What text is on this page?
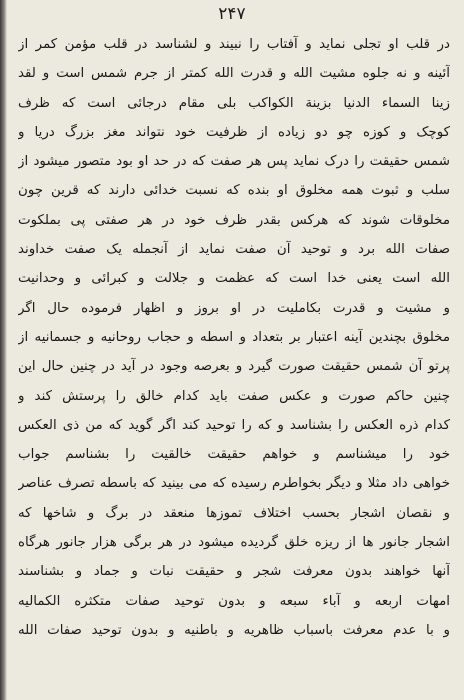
۲۴۷
در قلب او تجلی نماید و آفتاب را نبیند و لشناسد در قلب مؤمن کمر از
آئینه و نه جلوه مشیت الله و قدرت الله کمتر از جرم شمس است و لقد
زینا السماء الدنیا بزینة الکواکب بلی مقام درجائی است که ظرف
کوچک و کوزه چو دو زیاده از ظرفیت خود نتواند مغز بزرگ دریا و
شمس حقیقت را درک نماید پس هر صفت که در حد او بود متصور میشود از
سلب و ثبوت همه مخلوق او بنده که نسبت خدائی دارند که قرین چون
مخلوقات شوند که هرکس بقدر ظرف خود در هر صفتی پی بملکوت
صفات الله برد و توحید آن صفت نماید از آنجمله یک صفت خداوند
الله است یعنی خدا است که عظمت و جلالت و کبرائی و وحدانیت
و مشیت و قدرت بکاملیت در او بروز و اظهار فرموده حال اگر
مخلوق بچندین آینه اعتبار بر بتعداد و اسطه و حجاب روحانیه و جسمانیه از
پرتو آن شمس حقیقت صورت گیرد و بعرصه وجود در آید در چنین حال این
چنین حاکم صورت و عکس صفت باید کدام خالق را پرستش کند و
کدام ذره العکس را بشناسد و که را توحید کند اگر گوید که من ذی العکس
خود را میشناسم و خواهم حقیقت خالقیت را بشناسم جواب
خواهی داد مثلا و دیگر بخواطرم رسیده که می بینید که باسطه تصرف عناصر
و نقصان اشجار بحسب اختلاف تموزها منعقد در برگ و شاخها که
اشجار جانور ها از ریزه خلق گردیده میشود در هر برگی هزار جانور هرگاه
آنها خواهند بدون معرفت شجر و حقیقت نبات و جماد و بشناسند
امهات اربعه و آباء سبعه و بدون توحید صفات متکثره الکمالیه
و با عدم معرفت باسباب ظاهریه و باطنیه و بدون توحید صفات الله
